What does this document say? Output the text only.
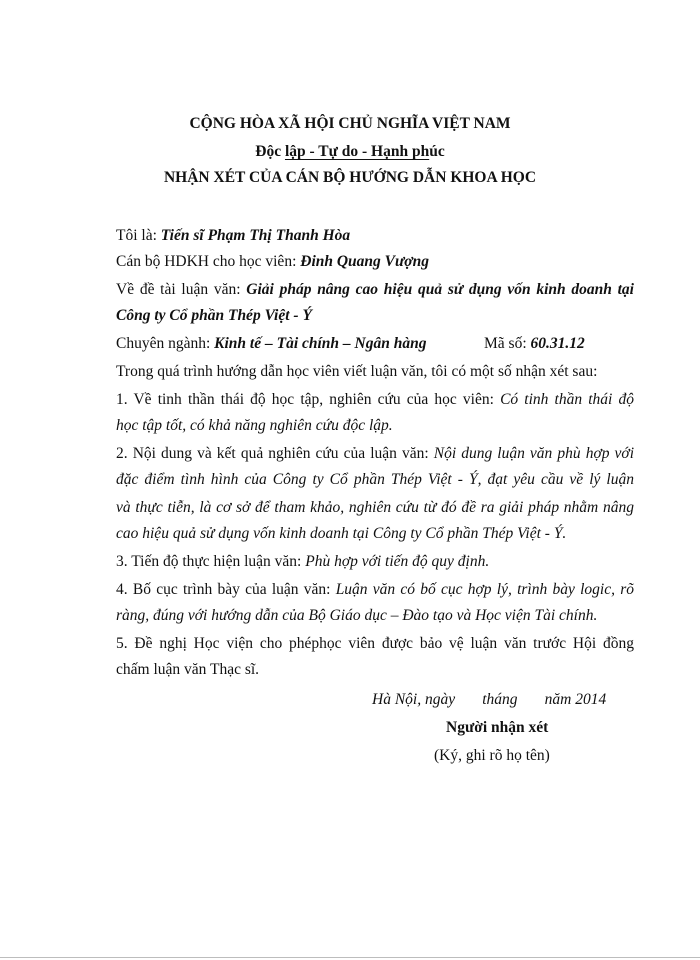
CỘNG HÒA XÃ HỘI CHỦ NGHĨA VIỆT NAM
Độc lập - Tự do - Hạnh phúc
NHẬN XÉT CỦA CÁN BỘ HƯỚNG DẪN KHOA HỌC
Tôi là: Tiến sĩ Phạm Thị Thanh Hòa
Cán bộ HDKH cho học viên: Đinh Quang Vượng
Về đề tài luận văn: Giải pháp nâng cao hiệu quả sử dụng vốn kinh doanh tại
Công ty Cổ phần Thép Việt - Ý
Chuyên ngành: Kinh tế – Tài chính – Ngân hàng	Mã số: 60.31.12
Trong quá trình hướng dẫn học viên viết luận văn, tôi có một số nhận xét sau:
1. Về tinh thần thái độ học tập, nghiên cứu của học viên: Có tinh thần thái độ
học tập tốt, có khả năng nghiên cứu độc lập.
2. Nội dung và kết quả nghiên cứu của luận văn: Nội dung luận văn phù hợp với
đặc điểm tình hình của Công ty Cổ phần Thép Việt - Ý, đạt yêu cầu về lý luận
và thực tiễn, là cơ sở để tham khảo, nghiên cứu từ đó đề ra giải pháp nhằm nâng
cao hiệu quả sử dụng vốn kinh doanh tại Công ty Cổ phần Thép Việt - Ý.
3. Tiến độ thực hiện luận văn: Phù hợp với tiến độ quy định.
4. Bố cục trình bày của luận văn: Luận văn có bố cục hợp lý, trình bày logic, rõ
ràng, đúng với hướng dẫn của Bộ Giáo dục – Đào tạo và Học viện Tài chính.
5. Đề nghị Học viện cho phéphọc viên được bảo vệ luận văn trước Hội đồng
chấm luận văn Thạc sĩ.
Hà Nội, ngày       tháng       năm 2014
Người nhận xét
(Ký, ghi rõ họ tên)
